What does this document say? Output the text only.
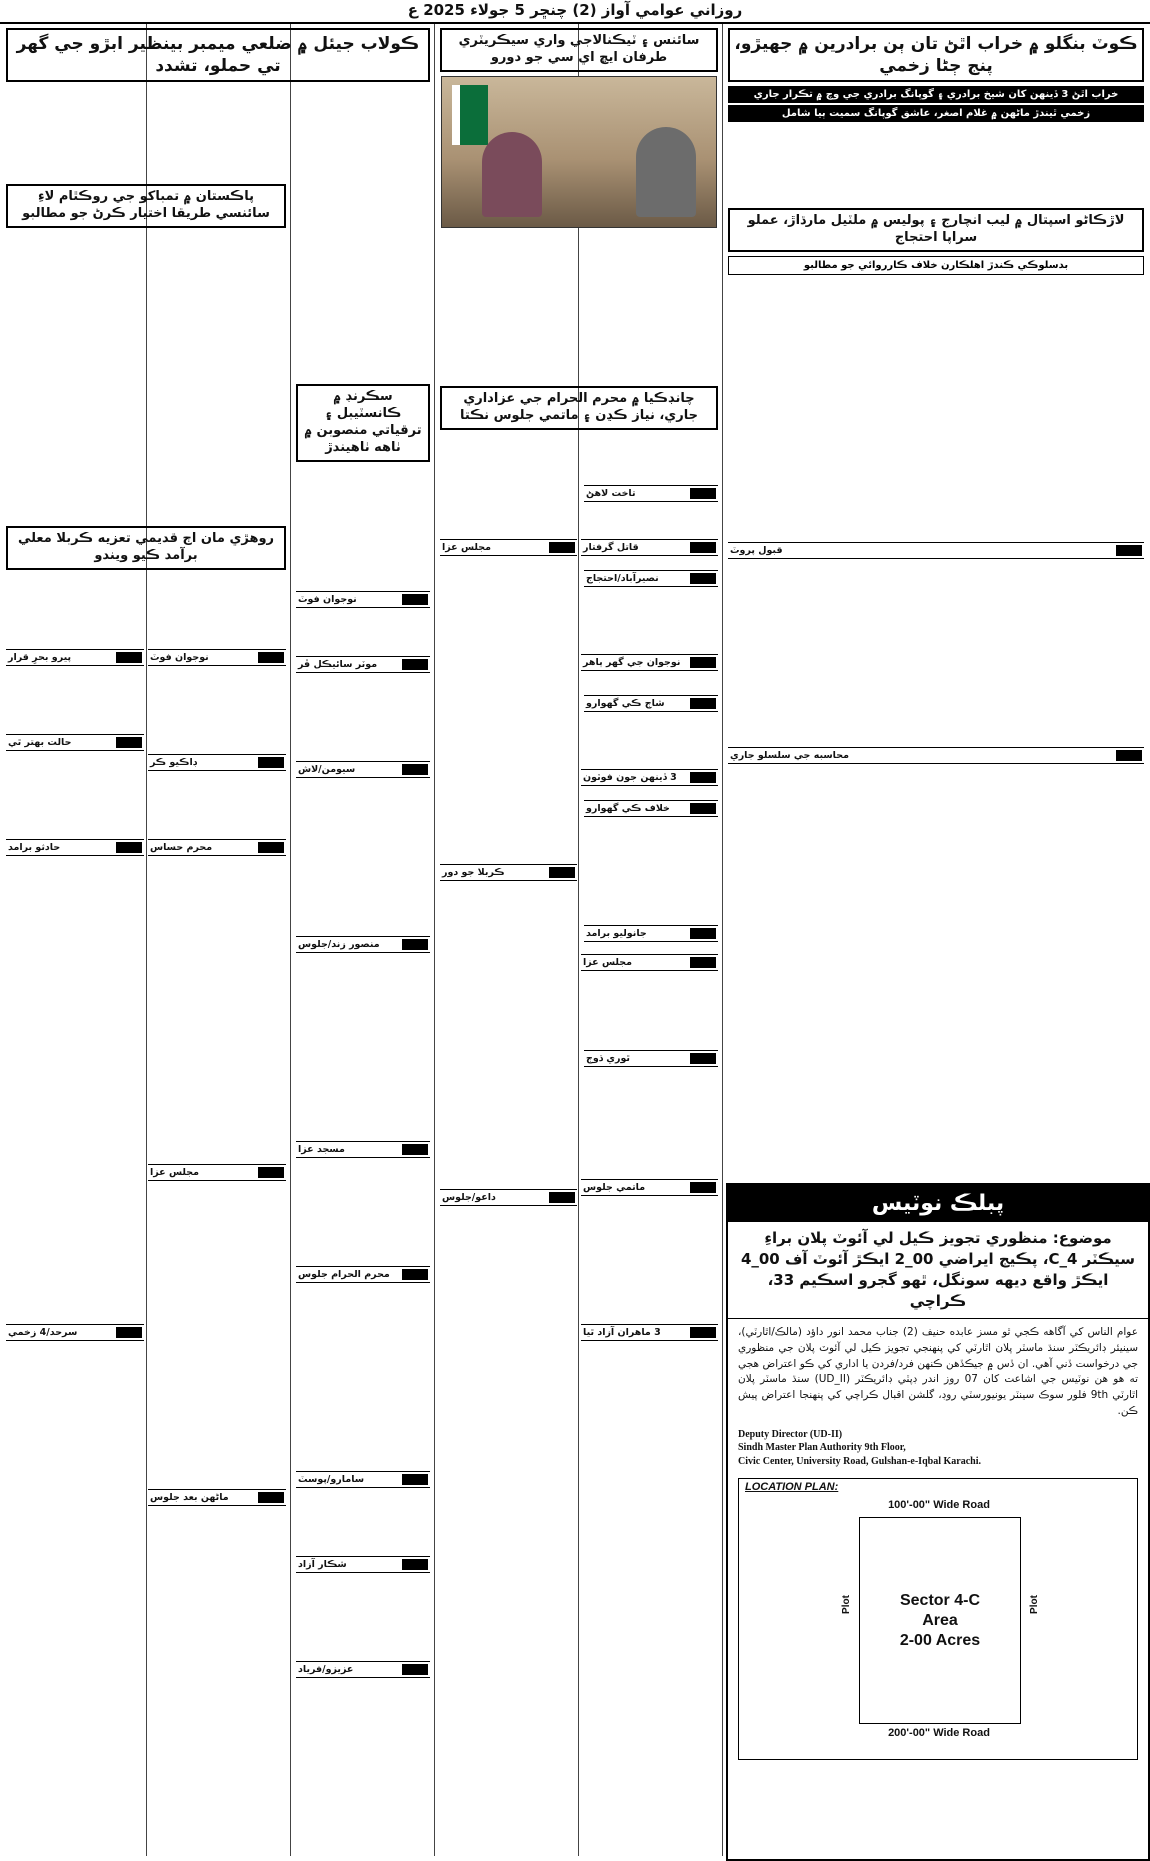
روزاني عوامي آواز (2) چنڇر 5 جولاء 2025 ع
ڪوٽ بنگلو ۾ خراب اٿڻ تان ٻن برادرين ۾ جهيڙو، پنج ڄڻا زخمي
خراب اٿڻ 3 ڏينهن کان شيخ برادري ۽ گوپانگ برادري جي وچ ۾ تڪرار جاري
زخمي ٿيندڙ ماڻهن ۾ غلام اصغر، عاشق گوپانگ سميت ٻيا شامل
لاڙڪاڻو اسپتال ۾ ليب انچارج ۽ پوليس ۾ ملٽيل مارڌاڙ، عملو سراپا احتجاج
بدسلوڪي ڪندڙ اهلڪارن خلاف ڪارروائي جو مطالبو
قبول پروٽ
محاسبه جي سلسلو جاري
سائنس ۽ ٽيڪنالاجي واري سيڪريٽري طرفان ايڇ اي سي جو دورو
چانڊڪيا ۾ محرم الحرام جي عزاداري جاري، نياز ڪڍن ۽ ماتمي جلوس نڪتا
قاتل گرفتار
نوجوان جي گهر ٻاهر
3 ڏينهن جون فوٽون
مجلس عزا
ماتمي جلوس
3 ماهران آزاد ٿيا
مجلس عزا
ڪربلا جو دور
داعو/جلوس
سڪرنڊ ۾ ڪانسٽيبل ۽ ترقياتي منصوبن ۾ ٺاهه ٺاهيندڙ
نوجوان فوٽ
موٽر سائيڪل ڦر
سيومن/لاش
منصور زند/جلوس
مسجد عزا
محرم الحرام جلوس
سامارو/پوسٽ
شڪار آزاد
عزيزو/فرياد
ڪولاب جيئل ۾ ضلعي ميمبر بينظير ابڙو جي گهر تي حملو، تشدد
پاڪستان ۾ تمباکو جي روڪٿام لاءِ سائنسي طريقا اختيار ڪرڻ جو مطالبو
روهڙي مان اڄ قديمي تعزيه ڪربلا معلي برآمد ڪيو ويندو
نوجوان فوٽ
ڊاڪيو ڪر
محرم حساس
مجلس عزا
ماڻهن بعد جلوس
پيرو بحرِ قرار
حالت بهتر ٿي
حادثو برامد
سرحد/4 زخمي
تاخت لاهڻ
نصيرآباد/احتجاج
شاڄ ڪي گهوارو
خلاف ڪي گهوارو
جانوليو برامد
ٿوري ڌوڄ
پبلڪ نوٽيس
موضوع: منظوري تجويز ڪيل لي آئوٽ پلان براءِ سيڪٽر C_4، پڪيج ايراضي 00_2 ايڪڙ آئوٽ آف 00_4 ايڪڙ واقع ديهه سونگل، ٿهو گجرو اسڪيم 33، ڪراچي
عوام الناس کي آگاهه ڪجي ٿو مسز عابده حنيف (2) جناب محمد انور داؤد (مالڪ/اٿارٽي)، سينيئر ڊائريڪٽر سنڌ ماسٽر پلان اٿارٽي کي پنهنجي تجويز ڪيل لي آئوٽ پلان جي منظوري جي درخواست ڏني آهي. ان ڏس ۾ جيڪڏهن ڪنهن فرد/فردن يا اداري کي ڪو اعتراض هجي ته هو هن نوٽيس جي اشاعت کان 07 روز اندر ڊپٽي ڊائريڪٽر (UD_II) سنڌ ماسٽر پلان اٿارٽي 9th فلور سوڪ سينٽر يونيورسٽي روڊ، گلشن اقبال ڪراچي کي پنهنجا اعتراض پيش ڪن.
Deputy Director (UD-II)
Sindh Master Plan Authority 9th Floor,
Civic Center, University Road, Gulshan-e-Iqbal Karachi.
LOCATION PLAN:
100'-00" Wide Road
Sector 4-C
Area
2-00 Acres
200'-00" Wide Road
Plot	Plot
